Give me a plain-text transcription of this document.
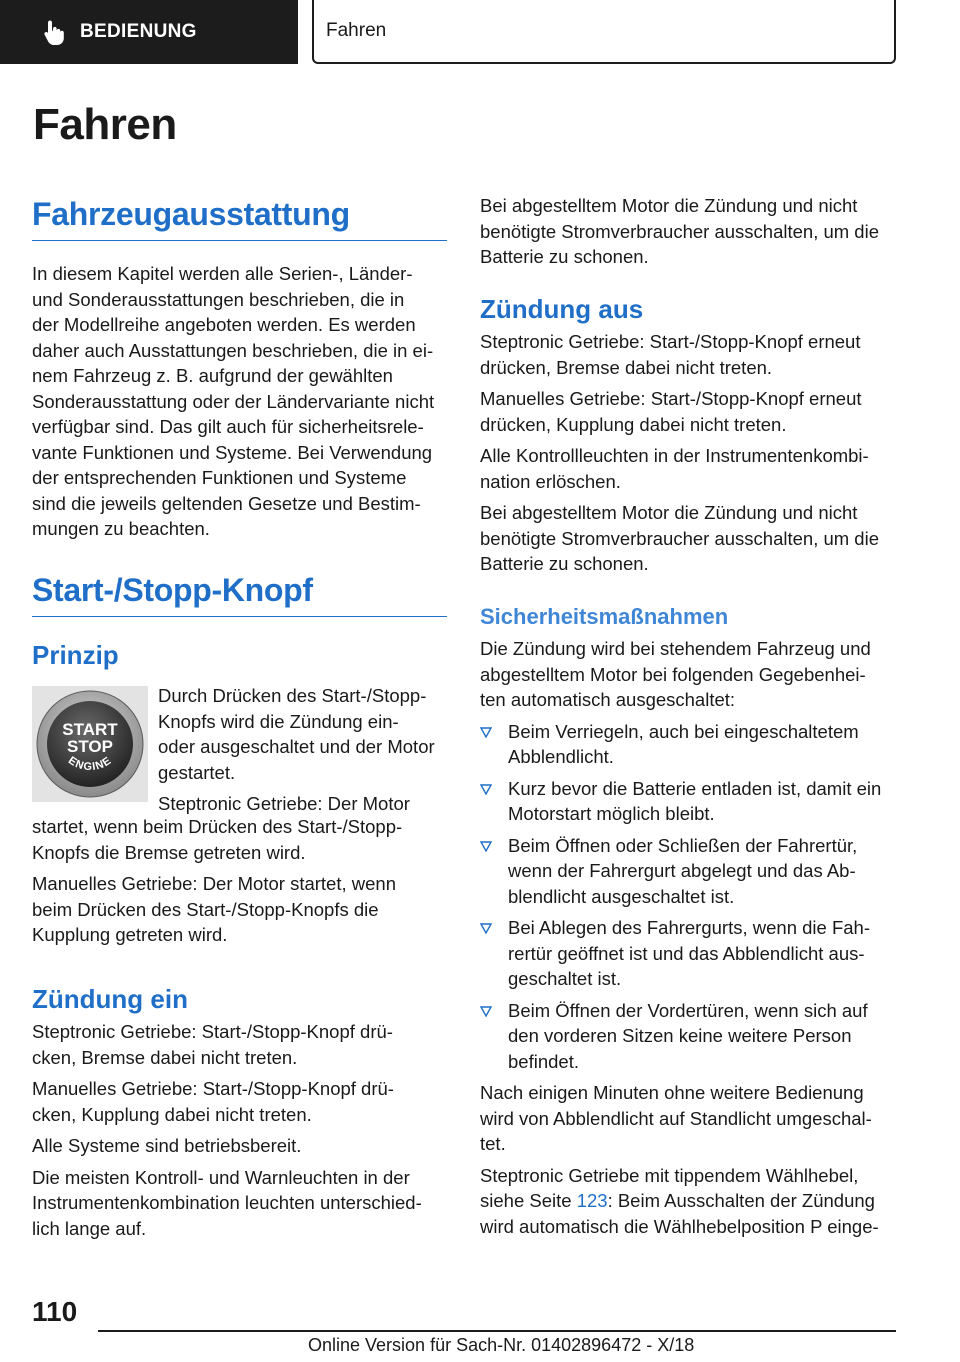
BEDIENUNG	Fahren
Fahren
Fahrzeugausstattung

In diesem Kapitel werden alle Serien-, Länder-
und Sonderausstattungen beschrieben, die in
der Modellreihe angeboten werden. Es werden
daher auch Ausstattungen beschrieben, die in ei-
nem Fahrzeug z. B. aufgrund der gewählten
Sonderausstattung oder der Ländervariante nicht
verfügbar sind. Das gilt auch für sicherheitsrele-
vante Funktionen und Systeme. Bei Verwendung
der entsprechenden Funktionen und Systeme
sind die jeweils geltenden Gesetze und Bestim-
mungen zu beachten.

Start-/Stopp-Knopf
Prinzip
START
STOP
ENGINE

Durch Drücken des Start-/Stopp-
Knopfs wird die Zündung ein-
oder ausgeschaltet und der Motor
gestartet.

Steptronic Getriebe: Der Motor

startet, wenn beim Drücken des Start-/Stopp-
Knopfs die Bremse getreten wird.

Manuelles Getriebe: Der Motor startet, wenn
beim Drücken des Start-/Stopp-Knopfs die
Kupplung getreten wird.

Zündung ein

Steptronic Getriebe: Start-/Stopp-Knopf drü-
cken, Bremse dabei nicht treten.

Manuelles Getriebe: Start-/Stopp-Knopf drü-
cken, Kupplung dabei nicht treten.

Alle Systeme sind betriebsbereit.

Die meisten Kontroll- und Warnleuchten in der
Instrumentenkombination leuchten unterschied-
lich lange auf.

Bei abgestelltem Motor die Zündung und nicht
benötigte Stromverbraucher ausschalten, um die
Batterie zu schonen.

Zündung aus

Steptronic Getriebe: Start-/Stopp-Knopf erneut
drücken, Bremse dabei nicht treten.

Manuelles Getriebe: Start-/Stopp-Knopf erneut
drücken, Kupplung dabei nicht treten.

Alle Kontrollleuchten in der Instrumentenkombi-
nation erlöschen.

Bei abgestelltem Motor die Zündung und nicht
benötigte Stromverbraucher ausschalten, um die
Batterie zu schonen.

Sicherheitsmaßnahmen

Die Zündung wird bei stehendem Fahrzeug und
abgestelltem Motor bei folgenden Gegebenhei-
ten automatisch ausgeschaltet:

Beim Verriegeln, auch bei eingeschaltetem
Abblendlicht.
Kurz bevor die Batterie entladen ist, damit ein
Motorstart möglich bleibt.
Beim Öffnen oder Schließen der Fahrertür,
wenn der Fahrergurt abgelegt und das Ab-
blendlicht ausgeschaltet ist.
Bei Ablegen des Fahrergurts, wenn die Fah-
rertür geöffnet ist und das Abblendlicht aus-
geschaltet ist.
Beim Öffnen der Vordertüren, wenn sich auf
den vorderen Sitzen keine weitere Person
befindet.

Nach einigen Minuten ohne weitere Bedienung
wird von Abblendlicht auf Standlicht umgeschal-
tet.

Steptronic Getriebe mit tippendem Wählhebel,
siehe Seite 123: Beim Ausschalten der Zündung
wird automatisch die Wählhebelposition P einge-

110
Online Version für Sach-Nr. 01402896472 - X/18
